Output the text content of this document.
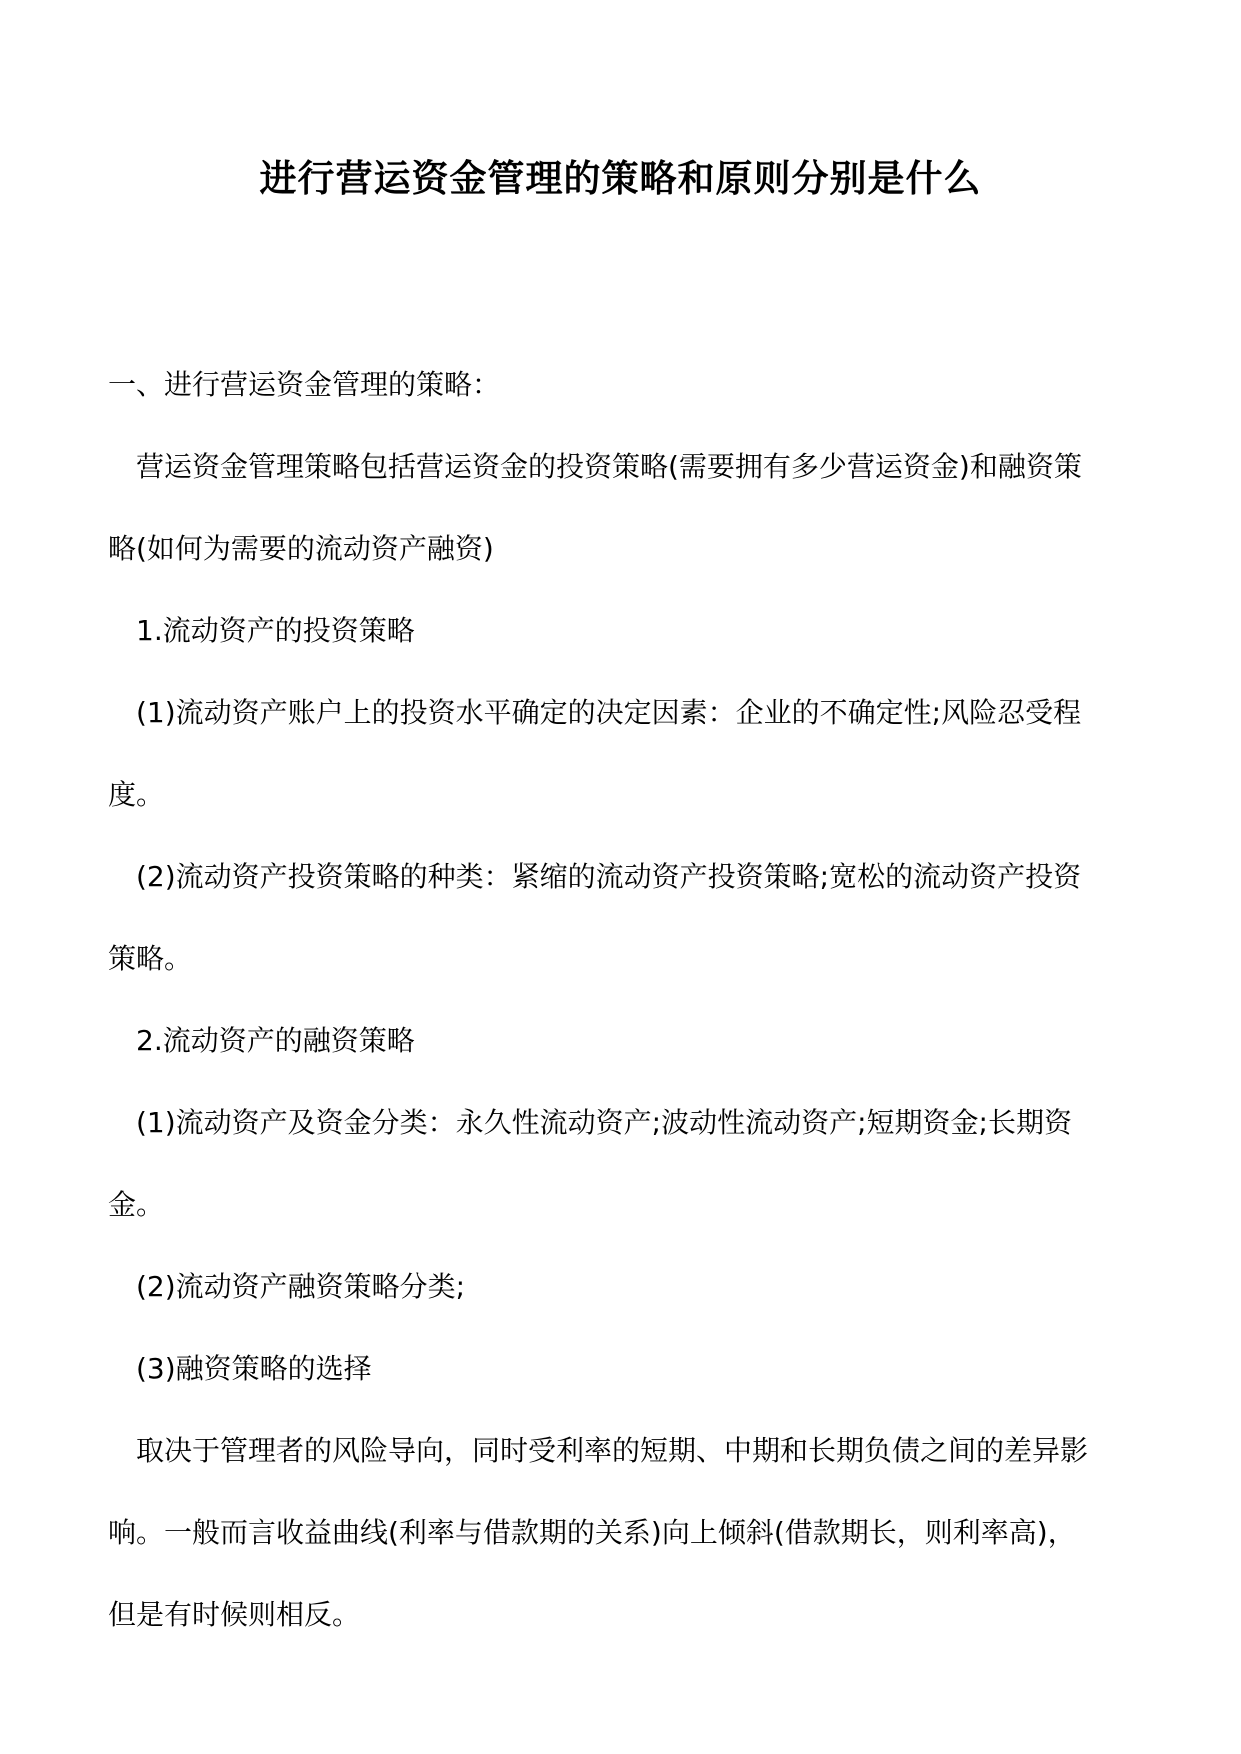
进行营运资金管理的策略和原则分别是什么

一、进行营运资金管理的策略：

营运资金管理策略包括营运资金的投资策略(需要拥有多少营运资金)和融资策

略(如何为需要的流动资产融资)

1.流动资产的投资策略

(1)流动资产账户上的投资水平确定的决定因素：企业的不确定性;风险忍受程

度。

(2)流动资产投资策略的种类：紧缩的流动资产投资策略;宽松的流动资产投资

策略。

2.流动资产的融资策略

(1)流动资产及资金分类：永久性流动资产;波动性流动资产;短期资金;长期资

金。

(2)流动资产融资策略分类;

(3)融资策略的选择

取决于管理者的风险导向，同时受利率的短期、中期和长期负债之间的差异影

响。一般而言收益曲线(利率与借款期的关系)向上倾斜(借款期长，则利率高)，

但是有时候则相反。
